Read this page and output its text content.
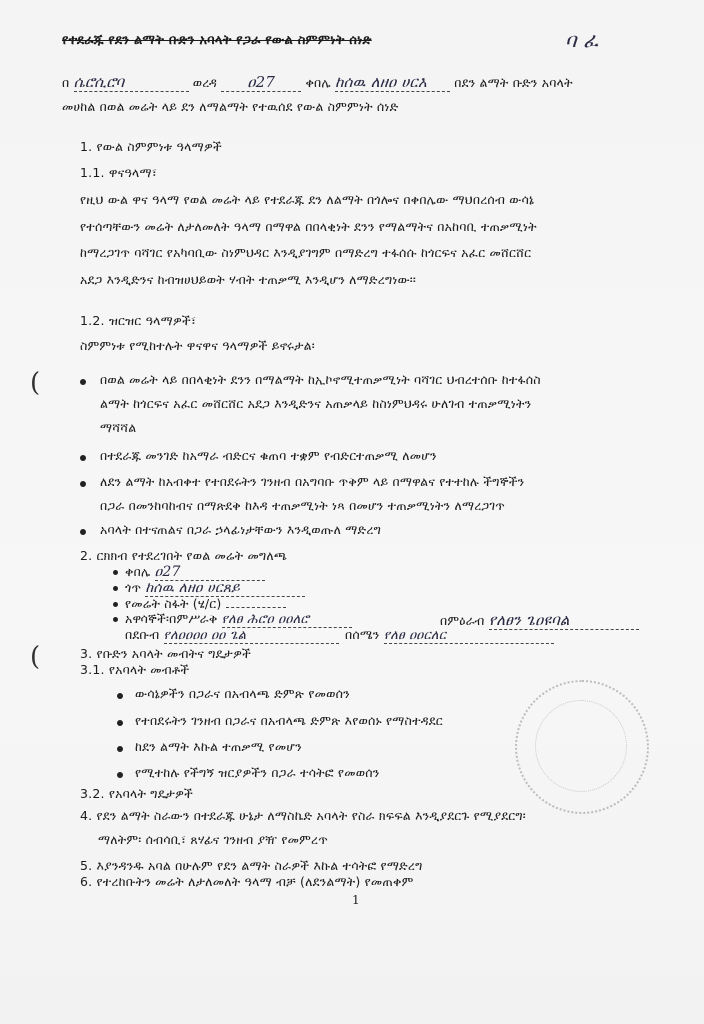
የተደራጁ የደን ልማት ቡድን አባላት የጋራ የውል ስምምነት ሰነድ	ባ ፈ
በ ሴሮሲሮባ	ወረዳ ዐ27 ቀበሌ ከሰዉ ለዘዐ ሀርእ በደን ልማት ቡድን አባላት
መሀከል በወል መሬት ላይ ደን ለማልማት የተዉሰደ የውል ስምምነት ሰነድ
1. የውል ስምምነቱ ዓላማዎች
1.1. ዋናዓላማ፣
የዚህ ውል ዋና ዓላማ የወል መሬት ላይ የተደራጁ ደን ለልማት በጎሎና በቀበሌው ማህበረሰብ ውሳኔ
የተሰጣቸውን መሬት ለታለመለት ዓላማ በማዋል በበላቂነት ደንን የማልማትና በአከባቢ ተጠቃሚነት
ከማረጋገጥ ባሻገር የአካባቢው ስነምህዳር እንዲያገግም በማድረግ ተፋሰሱ ከጎርፍና አፈር መሸርሸር
አደጋ እንዲድንና ከብዝሀህይወት ሃብት ተጠቃሚ እንዲሆን ለማድረግነው፡፡
1.2. ዝርዝር ዓላማዎች፣
ስምምነቱ የሚከተሉት ዋናዋና ዓላማዎች ይኖሩታል፡
(
(
በወል መሬት ላይ በበላቂነት ደንን በማልማት ከኢኮኖሚተጠቃሚነት ባሻገር ህብረተሰቡ ከተፋሰስ
ልማት ከጎርፍና አፈር መሸርሸር አደጋ እንዲድንና አጠቃላይ ከስነምህዳሩ ሁለገብ ተጠቃሚነትን
ማሻሻል
በተደራጁ መንገድ ከአማራ ብድርና ቁጠባ ተቋም የብድርተጠቃሚ ለመሆን
ለደን ልማት ከአብቀተ የተበደሩትን ገንዘብ በአግባቡ ጥቅም ላይ በማዋልና የተተከሉ ችግኞችን
በጋራ በመንከባከብና በማጽደቅ ከእዳ ተጠቃሚነት ነጻ በመሆን ተጠቃሚነትን ለማረጋገጥ
አባላት በተናጠልና በጋራ ኃላፊነታቸውን እንዲወጡለ ማድረግ
2. ርክክብ የተደረገበት የወል መሬት መግለጫ
ቀበሌ ዐ27
ጎጥ ከሰዉ ለዘዐ ሀርጸይ
የመሬት ስፋት (ሄ/ር)
አዋሳኞች፡በምሥራቅ የለፀ ሕሮዐ ዐዐለሮ	በምዕራብ የለፀን ጌዐዩባል
በደቡብ የለዐዐዐዐ ዐዐ ጌል	በሰሜን የለፀ ዐዐርለር
3. የቡድን አባላት መብትና ግዴታዎች
3.1. የአባላት መብቶች
ውሳኔዎችን በጋራና በአብላጫ ድምጽ የመወሰን
የተበደሩትን ገንዘብ በጋራና በአብላጫ ድምጽ እየወሰኑ የማስተዳደር
ከደን ልማት እኩል ተጠቃሚ የመሆን
የሚተከሉ የችግኝ ዝርያዎችን በጋራ ተሳትፎ የመወሰን
3.2. የአባላት ግዴታዎች
4. የደን ልማት ስራውን በተደራጁ ሁኔታ ለማስኬድ አባላት የስራ ክፍፍል እንዲያደርጉ የሚያደርግ፡
ማለትም፡ ሰብሳቢ፣ ጸሃፊና ገንዘብ ያዥ የመምረጥ
5. እያንዳንዱ አባል በሁሉም የደን ልማት ስራዎች እኩል ተሳትፎ የማድረግ
6. የተረከቡትን መሬት ለታለመለት ዓላማ ብቻ (ለደንልማት) የመጠቀም
1
